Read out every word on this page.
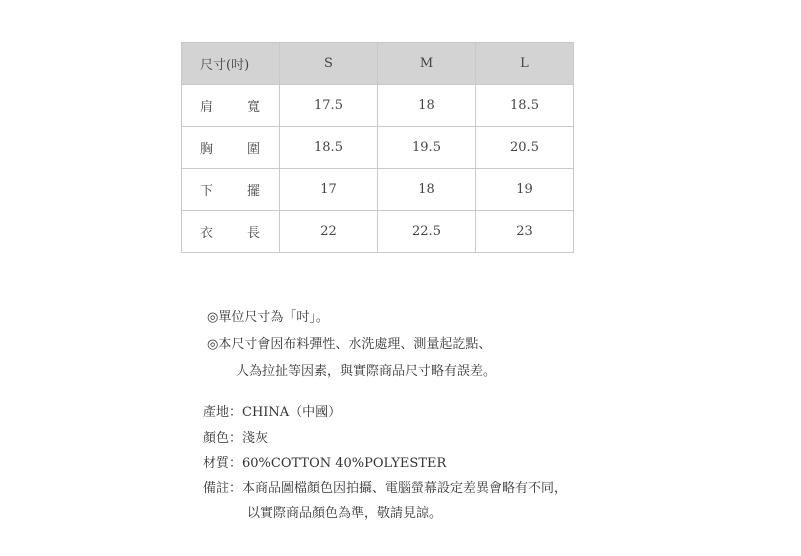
尺寸(吋)	S	M	L

肩 寬	17.5	18	18.5

胸 圍	18.5	19.5	20.5

下 擺	17	18	19

衣 長	22	22.5	23
◎單位尺寸為「吋」。
◎本尺寸會因布料彈性、水洗處理、測量起訖點、
人為拉扯等因素，與實際商品尺寸略有誤差。
產地：CHINA（中國）
顏色：淺灰
材質：60%COTTON 40%POLYESTER
備註：本商品圖檔顏色因拍攝、電腦螢幕設定差異會略有不同，
以實際商品顏色為準，敬請見諒。
